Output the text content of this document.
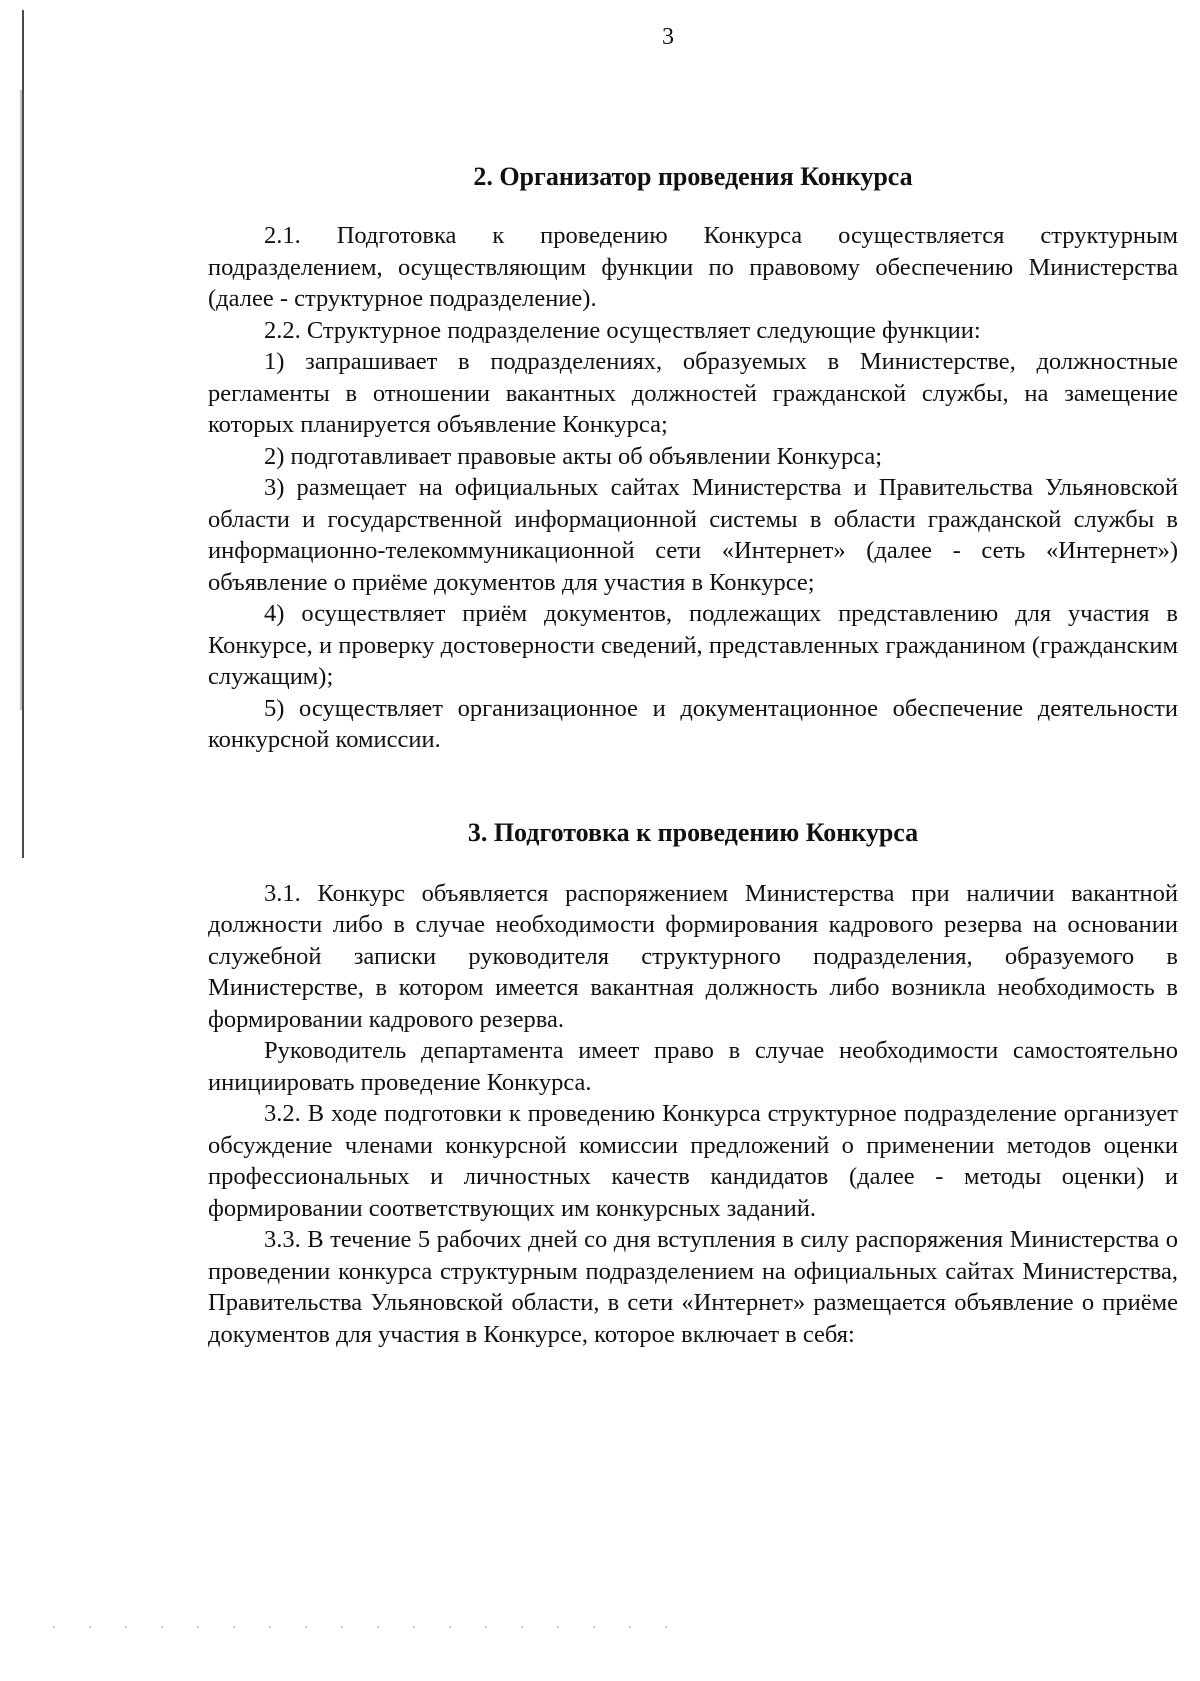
3
2. Организатор проведения Конкурса

2.1. Подготовка к проведению Конкурса осуществляется структурным подразделением, осуществляющим функции по правовому обеспечению Министерства (далее - структурное подразделение).

2.2. Структурное подразделение осуществляет следующие функции:

1) запрашивает в подразделениях, образуемых в Министерстве, должностные регламенты в отношении вакантных должностей гражданской службы, на замещение которых планируется объявление Конкурса;

2) подготавливает правовые акты об объявлении Конкурса;

3) размещает на официальных сайтах Министерства и Правительства Ульяновской области и государственной информационной системы в области гражданской службы в информационно-телекоммуникационной сети «Интернет» (далее - сеть «Интернет») объявление о приёме документов для участия в Конкурсе;

4) осуществляет приём документов, подлежащих представлению для участия в Конкурсе, и проверку достоверности сведений, представленных гражданином (гражданским служащим);

5) осуществляет организационное и документационное обеспечение деятельности конкурсной комиссии.

3. Подготовка к проведению Конкурса

3.1. Конкурс объявляется распоряжением Министерства при наличии вакантной должности либо в случае необходимости формирования кадрового резерва на основании служебной записки руководителя структурного подразделения, образуемого в Министерстве, в котором имеется вакантная должность либо возникла необходимость в формировании кадрового резерва.

Руководитель департамента имеет право в случае необходимости самостоятельно инициировать проведение Конкурса.

3.2. В ходе подготовки к проведению Конкурса структурное подразделение организует обсуждение членами конкурсной комиссии предложений о применении методов оценки профессиональных и личностных качеств кандидатов (далее - методы оценки) и формировании соответствующих им конкурсных заданий.

3.3. В течение 5 рабочих дней со дня вступления в силу распоряжения Министерства о проведении конкурса структурным подразделением на официальных сайтах Министерства, Правительства Ульяновской области, в сети «Интернет» размещается объявление о приёме документов для участия в Конкурсе, которое включает в себя:
